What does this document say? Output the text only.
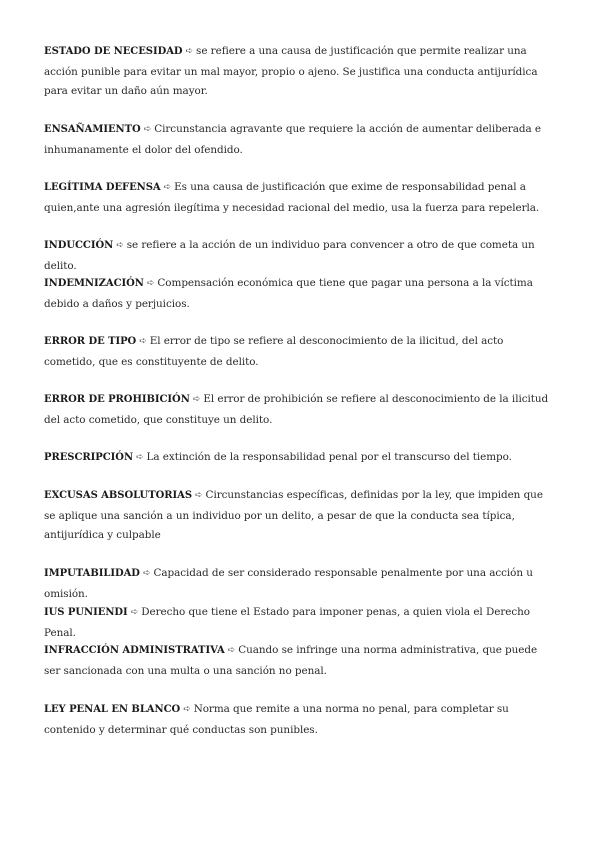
ESTADO DE NECESIDAD ➪ se refiere a una causa de justificación que permite realizar una acción punible para evitar un mal mayor, propio o ajeno. Se justifica una conducta antijurídica para evitar un daño aún mayor.

ENSAÑAMIENTO ➪ Circunstancia agravante que requiere la acción de aumentar deliberada e inhumanamente el dolor del ofendido.

LEGÍTIMA DEFENSA ➪ Es una causa de justificación que exime de responsabilidad penal a quien,ante una agresión ilegítima y necesidad racional del medio, usa la fuerza para repelerla.

INDUCCIÓN ➪ se refiere a la acción de un individuo para convencer a otro de que cometa un delito.

INDEMNIZACIÓN ➪ Compensación económica que tiene que pagar una persona a la víctima debido a daños y perjuicios.

ERROR DE TIPO ➪ El error de tipo se refiere al desconocimiento de la ilicitud, del acto cometido, que es constituyente de delito.

ERROR DE PROHIBICIÓN ➪ El error de prohibición se refiere al desconocimiento de la ilicitud del acto cometido, que constituye un delito.

PRESCRIPCIÓN ➪ La extinción de la responsabilidad penal por el transcurso del tiempo.

EXCUSAS ABSOLUTORIAS ➪ Circunstancias específicas, definidas por la ley, que impiden que se aplique una sanción a un individuo por un delito, a pesar de que la conducta sea típica, antijurídica y culpable

IMPUTABILIDAD ➪ Capacidad de ser considerado responsable penalmente por una acción u omisión.

IUS PUNIENDI ➪ Derecho que tiene el Estado para imponer penas, a quien viola el Derecho Penal.

INFRACCIÓN ADMINISTRATIVA ➪ Cuando se infringe una norma administrativa, que puede ser sancionada con una multa o una sanción no penal.

LEY PENAL EN BLANCO ➪ Norma que remite a una norma no penal, para completar su contenido y determinar qué conductas son punibles.
